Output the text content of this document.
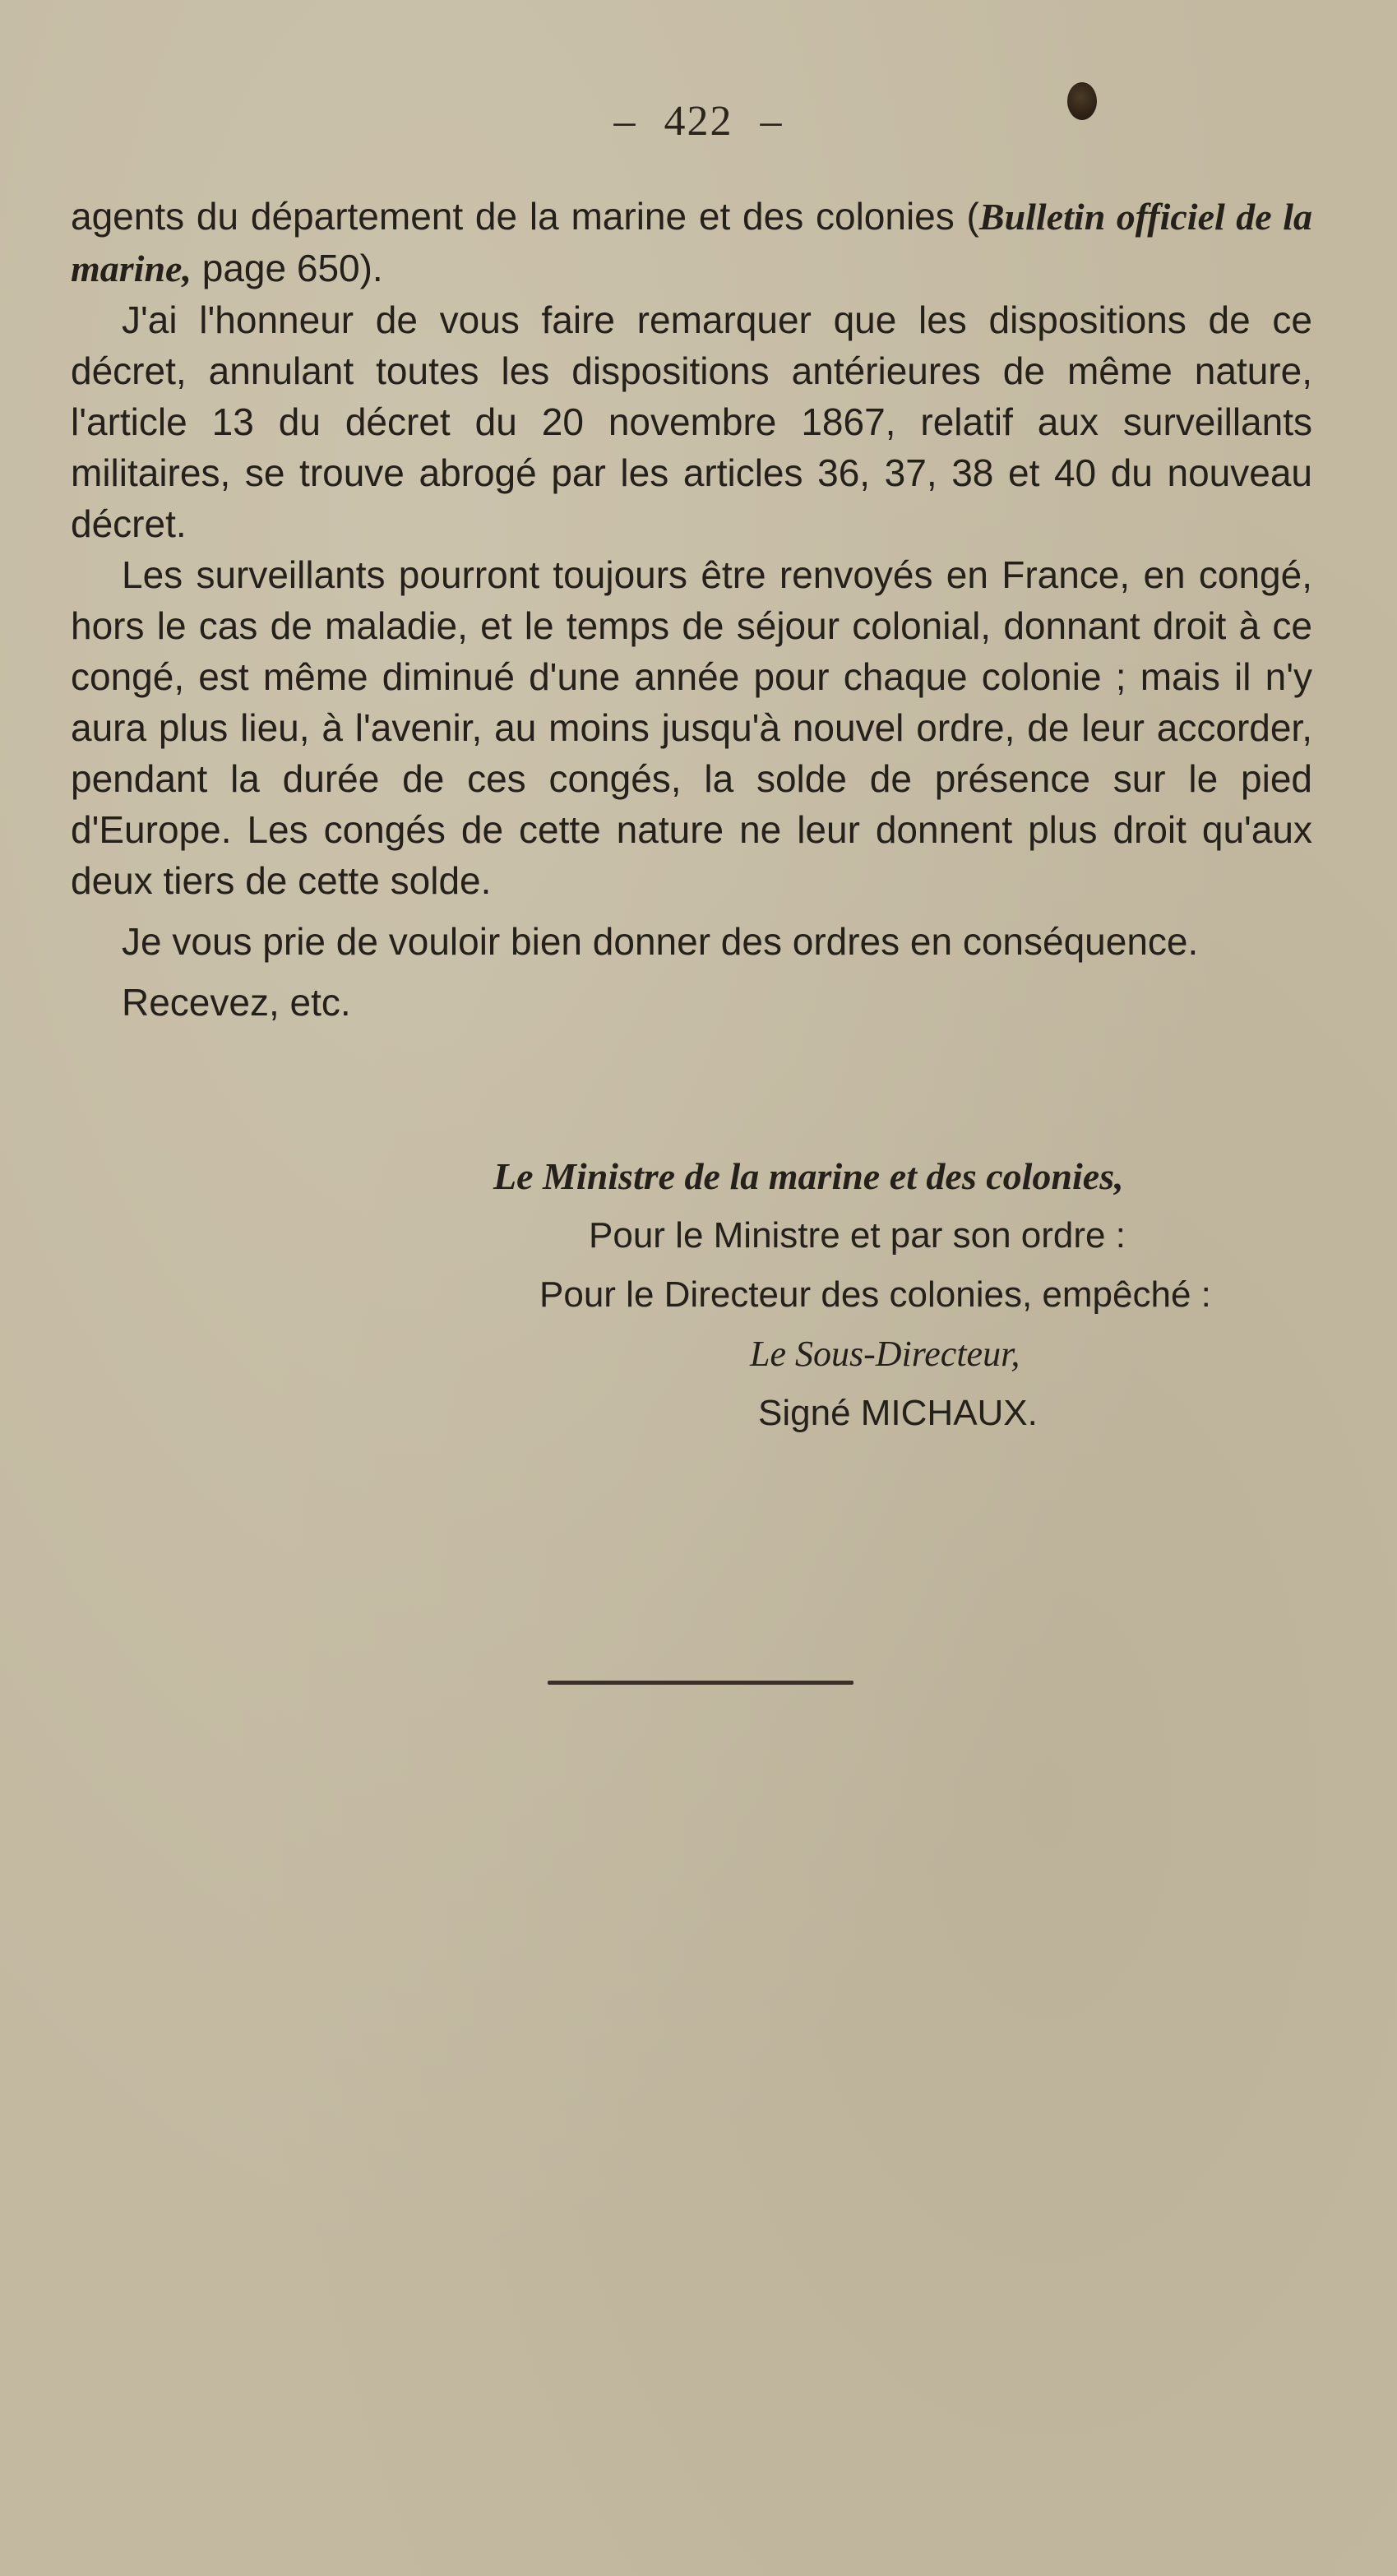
– 422 –

agents du département de la marine et des colonies (Bulletin officiel de la marine, page 650).

J'ai l'honneur de vous faire remarquer que les dispositions de ce décret, annulant toutes les dispositions antérieures de même nature, l'article 13 du décret du 20 novembre 1867, relatif aux surveillants militaires, se trouve abrogé par les articles 36, 37, 38 et 40 du nouveau décret.

Les surveillants pourront toujours être renvoyés en France, en congé, hors le cas de maladie, et le temps de séjour colonial, donnant droit à ce congé, est même diminué d'une année pour chaque colonie ; mais il n'y aura plus lieu, à l'avenir, au moins jusqu'à nouvel ordre, de leur accorder, pendant la durée de ces congés, la solde de présence sur le pied d'Europe. Les congés de cette nature ne leur donnent plus droit qu'aux deux tiers de cette solde.

Je vous prie de vouloir bien donner des ordres en conséquence.

Recevez, etc.

Le Ministre de la marine et des colonies,
Pour le Ministre et par son ordre :
Pour le Directeur des colonies, empêché :
Le Sous-Directeur,
Signé MICHAUX.
